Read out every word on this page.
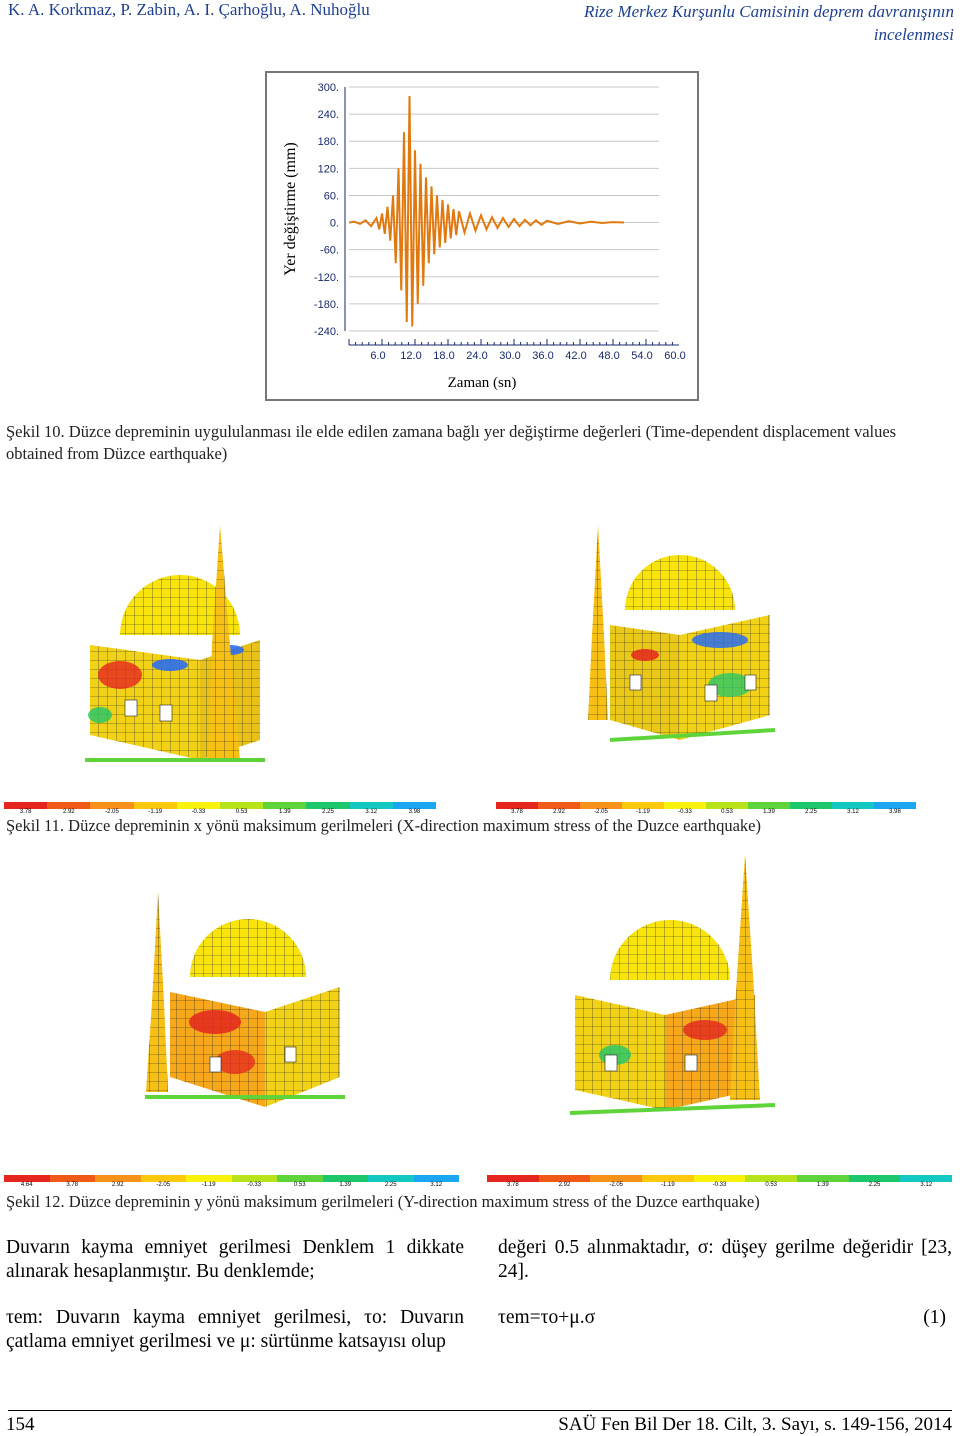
K. A. Korkmaz, P. Zabin, A. I. Çarhoğlu, A. Nuhoğlu	Rize Merkez Kurşunlu Camisinin deprem davranışının incelenmesi
300.
240.
180.
120.
60.
0.
-60.
-120.
-180.
-240.
6.0 12.0 18.0 24.0 30.0 36.0 42.0 48.0 54.0 60.0
Zaman (sn)
Yer değiştirme (mm)
Şekil 10. Düzce depreminin uygululanması ile elde edilen zamana bağlı yer değiştirme değerleri (Time-dependent displacement values obtained from Düzce earthquake)
3.78	2.92	-2.05	-1.19	-0.33	0.53	1.39	2.25	3.12	3.98	3.78	2.92	-2.05	-1.19	-0.33	0.53	1.39	2.25	3.12	3.98
Şekil 11. Düzce depreminin x yönü maksimum gerilmeleri (X-direction maximum stress of the Duzce earthquake)
4.64	3.78	2.92	-2.05	-1.19	-0.33	0.53	1.39	2.25	3.12	3.78	2.92	-2.05	-1.19	-0.33	0.53	1.39	2.25	3.12
Şekil 12. Düzce depreminin y yönü maksimum gerilmeleri (Y-direction maximum stress of the Duzce earthquake)
Duvarın kayma emniyet gerilmesi Denklem 1 dikkate alınarak hesaplanmıştır. Bu denklemde;
τem: Duvarın kayma emniyet gerilmesi, τo: Duvarın çatlama emniyet gerilmesi ve μ: sürtünme katsayısı olup
değeri 0.5 alınmaktadır, σ: düşey gerilme değeridir [23, 24].
τem=τo+μ.σ	(1)
154	SAÜ Fen Bil Der 18. Cilt, 3. Sayı, s. 149-156, 2014
